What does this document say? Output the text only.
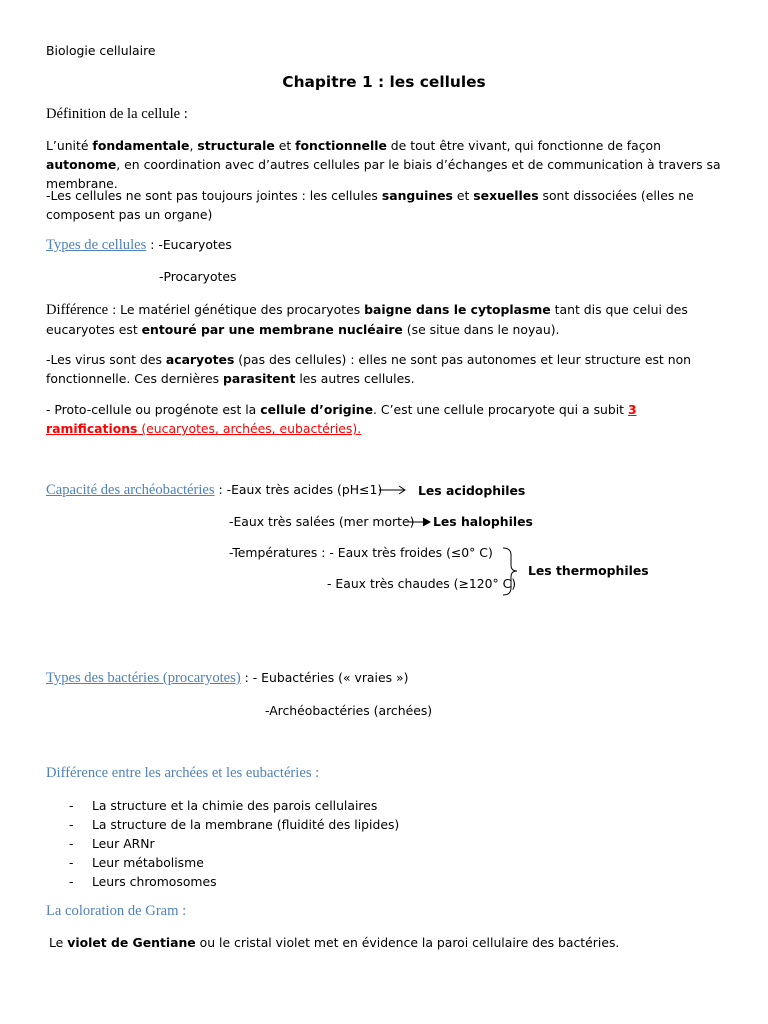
Biologie cellulaire
Chapitre 1 : les cellules
Définition de la cellule :
L’unité fondamentale, structurale et fonctionnelle de tout être vivant, qui fonctionne de façon autonome, en coordination avec d’autres cellules par le biais d’échanges et de communication à travers sa membrane.
-Les cellules ne sont pas toujours jointes : les cellules sanguines et sexuelles sont dissociées (elles ne composent pas un organe)
Types de cellules : -Eucaryotes
-Procaryotes
Différence : Le matériel génétique des procaryotes baigne dans le cytoplasme tant dis que celui des eucaryotes est entouré par une membrane nucléaire (se situe dans le noyau).
-Les virus sont des acaryotes (pas des cellules) : elles ne sont pas autonomes et leur structure est non fonctionnelle. Ces dernières parasitent les autres cellules.
- Proto-cellule ou progénote est la cellule d’origine. C’est une cellule procaryote qui a subit 3 ramifications (eucaryotes, archées, eubactéries).
Capacité des archéobactéries : -Eaux très acides (pH≤1)	Les acidophiles
-Eaux très salées (mer morte) Les halophiles
-Températures : - Eaux très froides (≤0° C)
- Eaux très chaudes (≥120° C)
Les thermophiles
Types des bactéries (procaryotes) : - Eubactéries (« vraies »)
-Archéobactéries (archées)
Différence entre les archées et les eubactéries :
- La structure et la chimie des parois cellulaires
- La structure de la membrane (fluidité des lipides)
- Leur ARNr
- Leur métabolisme
- Leurs chromosomes
La coloration de Gram :
Le violet de Gentiane ou le cristal violet met en évidence la paroi cellulaire des bactéries.
